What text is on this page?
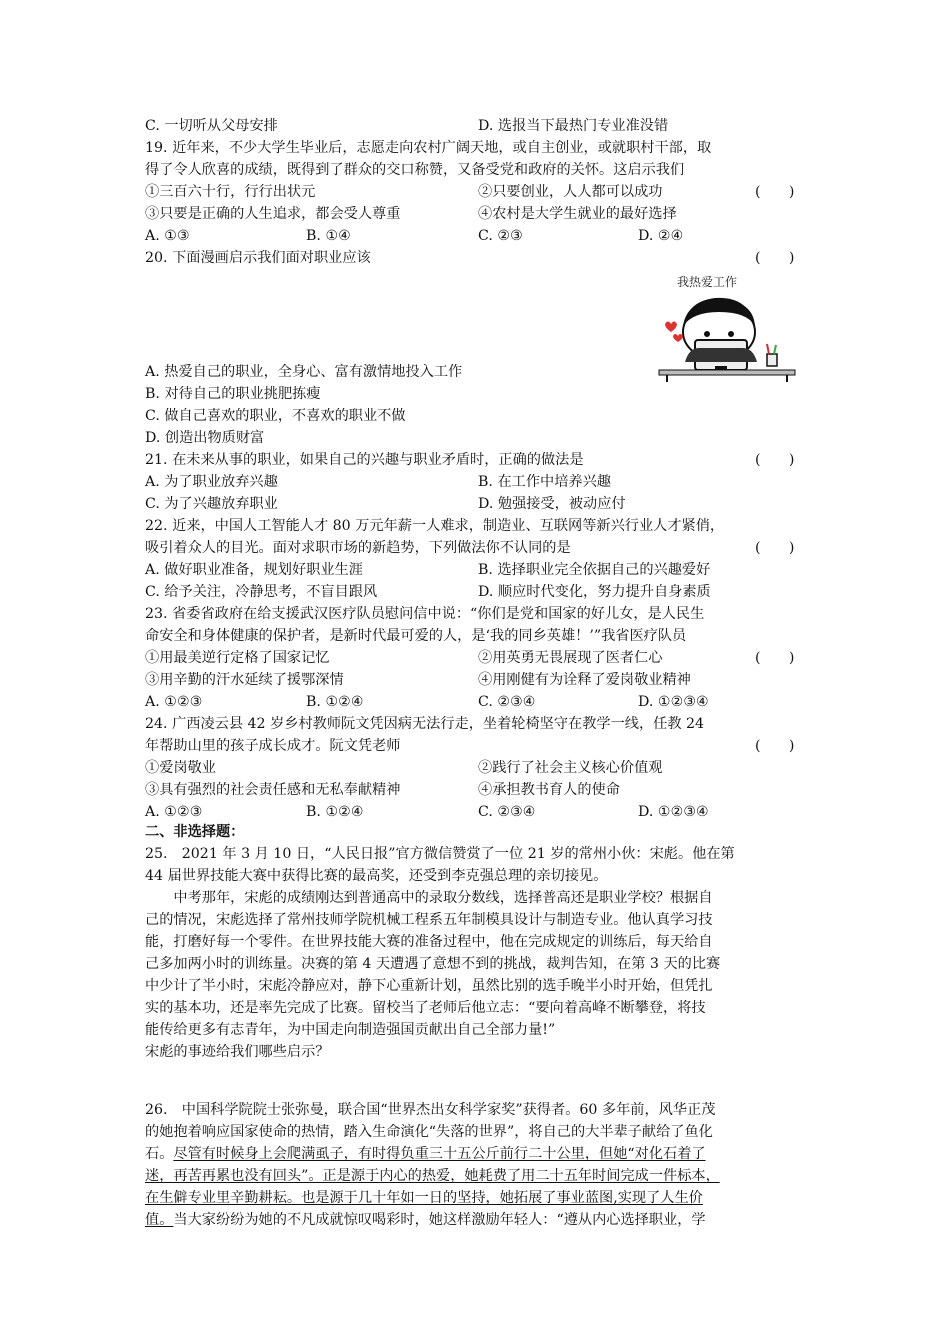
C. 一切听从父母安排	D. 选报当下最热门专业准没错
19. 近年来，不少大学生毕业后，志愿走向农村广阔天地，或自主创业，或就职村干部，取
得了令人欣喜的成绩，既得到了群众的交口称赞，又备受党和政府的关怀。这启示我们
①三百六十行，行行出状元	②只要创业，人人都可以成功	(　　)
③只要是正确的人生追求，都会受人尊重	④农村是大学生就业的最好选择
A. ①③	B. ①④	C. ②③	D. ②④
20. 下面漫画启示我们面对职业应该	(　　)
我热爱工作
A. 热爱自己的职业，全身心、富有激情地投入工作
B. 对待自己的职业挑肥拣瘦
C. 做自己喜欢的职业，不喜欢的职业不做
D. 创造出物质财富
21. 在未来从事的职业，如果自己的兴趣与职业矛盾时，正确的做法是	(　　)
A. 为了职业放弃兴趣	B. 在工作中培养兴趣
C. 为了兴趣放弃职业	D. 勉强接受，被动应付
22. 近来，中国人工智能人才 80 万元年薪一人难求，制造业、互联网等新兴行业人才紧俏，
吸引着众人的目光。面对求职市场的新趋势，下列做法你不认同的是	(　　)
A. 做好职业准备，规划好职业生涯	B. 选择职业完全依据自己的兴趣爱好
C. 给予关注，冷静思考，不盲目跟风	D. 顺应时代变化，努力提升自身素质
23. 省委省政府在给支援武汉医疗队员慰问信中说：“你们是党和国家的好儿女，是人民生
命安全和身体健康的保护者，是新时代最可爱的人，是‘我的同乡英雄！’”我省医疗队员
①用最美逆行定格了国家记忆	②用英勇无畏展现了医者仁心	(　　)
③用辛勤的汗水延续了援鄂深情	④用刚健有为诠释了爱岗敬业精神
A. ①②③	B. ①②④	C. ②③④	D. ①②③④
24. 广西凌云县 42 岁乡村教师阮文凭因病无法行走，坐着轮椅坚守在教学一线，任教 24
年帮助山里的孩子成长成才。阮文凭老师	(　　)
①爱岗敬业	②践行了社会主义核心价值观
③具有强烈的社会责任感和无私奉献精神	④承担教书育人的使命
A. ①②③	B. ①②④	C. ②③④	D. ①②③④
二、非选择题：
25.　2021 年 3 月 10 日，“人民日报”官方微信赞赏了一位 21 岁的常州小伙：宋彪。他在第
44 届世界技能大赛中获得比赛的最高奖，还受到李克强总理的亲切接见。
　　中考那年，宋彪的成绩刚达到普通高中的录取分数线，选择普高还是职业学校？根据自
己的情况，宋彪选择了常州技师学院机械工程系五年制模具设计与制造专业。他认真学习技
能，打磨好每一个零件。在世界技能大赛的准备过程中，他在完成规定的训练后，每天给自
己多加两小时的训练量。决赛的第 4 天遭遇了意想不到的挑战，裁判告知，在第 3 天的比赛
中少计了半小时，宋彪冷静应对，静下心重新计划，虽然比别的选手晚半小时开始，但凭扎
实的基本功，还是率先完成了比赛。留校当了老师后他立志：“要向着高峰不断攀登，将技
能传给更多有志青年，为中国走向制造强国贡献出自己全部力量!”
宋彪的事迹给我们哪些启示？
26.　中国科学院院士张弥曼，联合国“世界杰出女科学家奖”获得者。60 多年前，风华正茂
的她抱着响应国家使命的热情，踏入生命演化“失落的世界”，将自己的大半辈子献给了鱼化
石。尽管有时候身上会爬满虱子，有时得负重三十五公斤前行二十公里，但她“对化石着了
迷，再苦再累也没有回头”。正是源于内心的热爱，她耗费了用二十五年时间完成一件标本，
在生僻专业里辛勤耕耘。也是源于几十年如一日的坚持，她拓展了事业蓝图,实现了人生价
值。当大家纷纷为她的不凡成就惊叹喝彩时，她这样激励年轻人：“遵从内心选择职业，学
